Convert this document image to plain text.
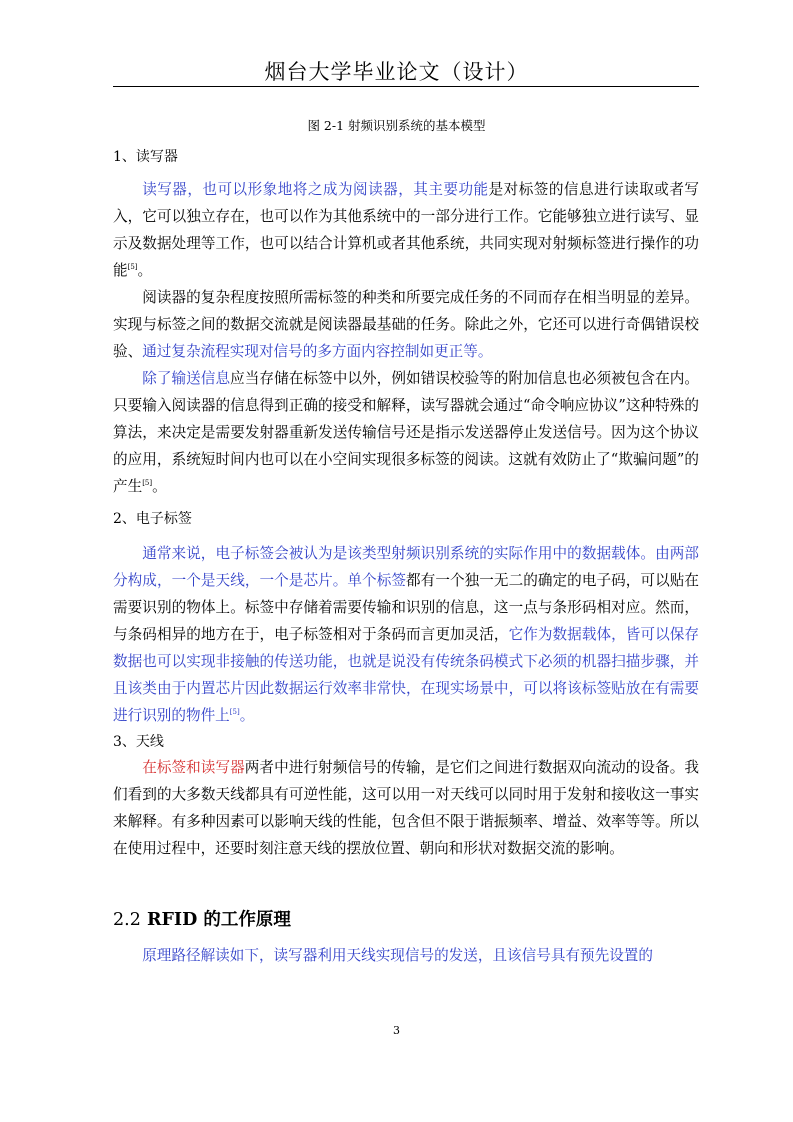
烟台大学毕业论文（设计）
图 2-1 射频识别系统的基本模型
1、读写器

读写器，也可以形象地将之成为阅读器，其主要功能是对标签的信息进行读取或者写入，它可以独立存在，也可以作为其他系统中的一部分进行工作。它能够独立进行读写、显示及数据处理等工作，也可以结合计算机或者其他系统，共同实现对射频标签进行操作的功能[5]。

阅读器的复杂程度按照所需标签的种类和所要完成任务的不同而存在相当明显的差异。实现与标签之间的数据交流就是阅读器最基础的任务。除此之外，它还可以进行奇偶错误校验、通过复杂流程实现对信号的多方面内容控制如更正等。

除了输送信息应当存储在标签中以外，例如错误校验等的附加信息也必须被包含在内。只要输入阅读器的信息得到正确的接受和解释，读写器就会通过“命令响应协议”这种特殊的算法，来决定是需要发射器重新发送传输信号还是指示发送器停止发送信号。因为这个协议的应用，系统短时间内也可以在小空间实现很多标签的阅读。这就有效防止了“欺骗问题”的产生[5]。

2、电子标签

通常来说，电子标签会被认为是该类型射频识别系统的实际作用中的数据载体。由两部分构成，一个是天线，一个是芯片。单个标签都有一个独一无二的确定的电子码，可以贴在需要识别的物体上。标签中存储着需要传输和识别的信息，这一点与条形码相对应。然而，与条码相异的地方在于，电子标签相对于条码而言更加灵活，它作为数据载体，皆可以保存数据也可以实现非接触的传送功能，也就是说没有传统条码模式下必须的机器扫描步骤，并且该类由于内置芯片因此数据运行效率非常快，在现实场景中，可以将该标签贴放在有需要进行识别的物件上[5]。

3、天线

在标签和读写器两者中进行射频信号的传输，是它们之间进行数据双向流动的设备。我们看到的大多数天线都具有可逆性能，这可以用一对天线可以同时用于发射和接收这一事实来解释。有多种因素可以影响天线的性能，包含但不限于谐振频率、增益、效率等等。所以在使用过程中，还要时刻注意天线的摆放位置、朝向和形状对数据交流的影响。

2.2 RFID 的工作原理

原理路径解读如下，读写器利用天线实现信号的发送，且该信号具有预先设置的

3
